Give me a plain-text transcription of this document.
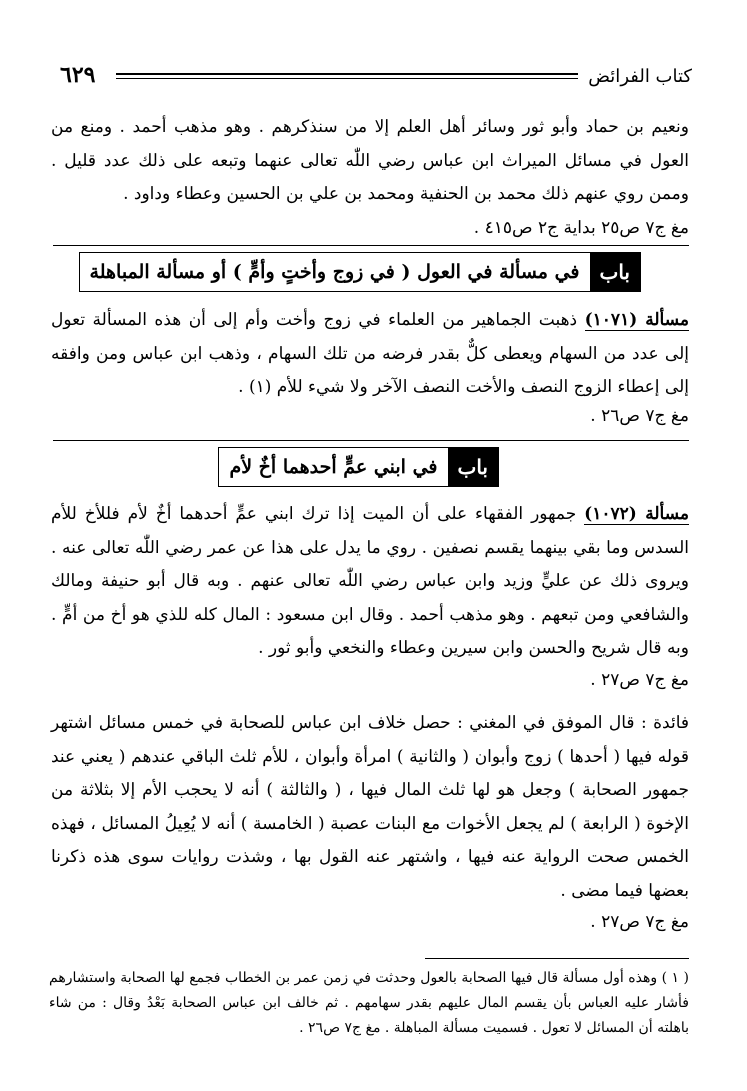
كتاب الفرائض
٦٢٩

ونعيم بن حماد وأبو ثور وسائر أهل العلم إلا من سنذكرهم . وهو مذهب أحمد . ومنع من العول في مسائل الميراث ابن عباس رضي اللّٰه تعالى عنهما وتبعه على ذلك عدد قليل . وممن روي عنهم ذلك محمد بن الحنفية ومحمد بن علي بن الحسين وعطاء وداود .

مغ ج٧ ص٢٥ بداية ج٢ ص٤١٥ .
باب
في مسألة في العول ( في زوج وأختٍ وأمٍّ ) أو مسألة المباهلة

مسألة (١٠٧١) ذهبت الجماهير من العلماء في زوج وأخت وأم إلى أن هذه المسألة تعول إلى عدد من السهام ويعطى كلٌّ بقدر فرضه من تلك السهام ، وذهب ابن عباس ومن وافقه إلى إعطاء الزوج النصف والأخت النصف الآخر ولا شيء للأم (١) .

مغ ج٧ ص٢٦ .
باب
في ابني عمٍّ أحدهما أخٌ لأم

مسألة (١٠٧٢) جمهور الفقهاء على أن الميت إذا ترك ابني عمٍّ أحدهما أخٌ لأم فللأخ للأم السدس وما بقي بينهما يقسم نصفين . روي ما يدل على هذا عن عمر رضي اللّٰه تعالى عنه . ويروى ذلك عن عليٍّ وزيد وابن عباس رضي اللّٰه تعالى عنهم . وبه قال أبو حنيفة ومالك والشافعي ومن تبعهم . وهو مذهب أحمد . وقال ابن مسعود : المال كله للذي هو أخ من أمٍّ . وبه قال شريح والحسن وابن سيرين وعطاء والنخعي وأبو ثور .

مغ ج٧ ص٢٧ .

فائدة : قال الموفق في المغني : حصل خلاف ابن عباس للصحابة في خمس مسائل اشتهر قوله فيها ( أحدها ) زوج وأبوان ( والثانية ) امرأة وأبوان ، للأم ثلث الباقي عندهم ( يعني عند جمهور الصحابة ) وجعل هو لها ثلث المال فيها ، ( والثالثة ) أنه لا يحجب الأم إلا بثلاثة من الإخوة ( الرابعة ) لم يجعل الأخوات مع البنات عصبة ( الخامسة ) أنه لا يُعِيلُ المسائل ، فهذه الخمس صحت الرواية عنه فيها ، واشتهر عنه القول بها ، وشذت روايات سوى هذه ذكرنا بعضها فيما مضى .

مغ ج٧ ص٢٧ .

( ١ ) وهذه أول مسألة قال فيها الصحابة بالعول وحدثت في زمن عمر بن الخطاب فجمع لها الصحابة واستشارهم فأشار عليه العباس بأن يقسم المال عليهم بقدر سهامهم . ثم خالف ابن عباس الصحابة بَعْدُ وقال : من شاء باهلته أن المسائل لا تعول . فسميت مسألة المباهلة . مغ ج٧ ص٢٦ .
